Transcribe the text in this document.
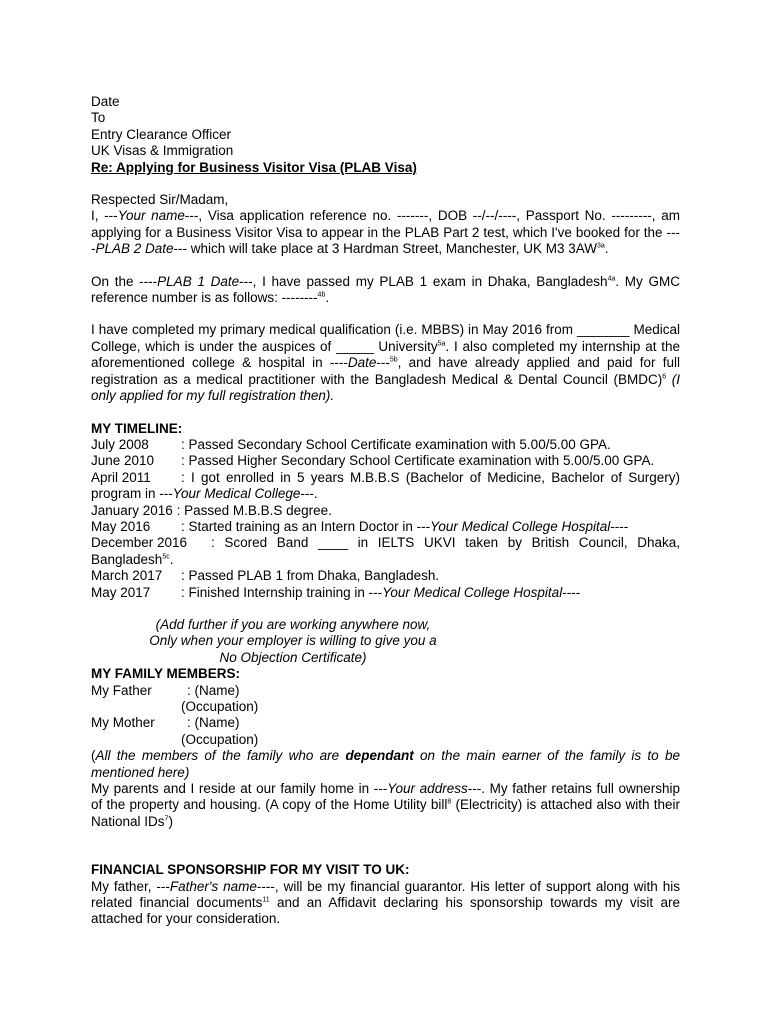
Date
To
Entry Clearance Officer
UK Visas & Immigration
Re: Applying for Business Visitor Visa (PLAB Visa)
Respected Sir/Madam,
I, ---Your name---, Visa application reference no. -------, DOB --/--/----, Passport No. ---------, am applying for a Business Visitor Visa to appear in the PLAB Part 2 test, which I've booked for the ----PLAB 2 Date--- which will take place at 3 Hardman Street, Manchester, UK M3 $3AW^{3a}$.
On the ----PLAB 1 Date---, I have passed my PLAB 1 exam in Dhaka, Bangladesh$^{4a}$. My GMC reference number is as follows: --------$^{4b}$.
I have completed my primary medical qualification (i.e. MBBS) in May 2016 from _______ Medical College, which is under the auspices of _____ University$^{5a}$. I also completed my internship at the aforementioned college & hospital in ----Date---$^{5b}$, and have already applied and paid for full registration as a medical practitioner with the Bangladesh Medical & Dental Council (BMDC)$^6$ (I only applied for my full registration then).
MY TIMELINE:
July 2008	: Passed Secondary School Certificate examination with 5.00/5.00 GPA.
June 2010	: Passed Higher Secondary School Certificate examination with 5.00/5.00 GPA.
April 2011	: I got enrolled in 5 years M.B.B.S (Bachelor of Medicine, Bachelor of Surgery)
program in ---Your Medical College---.
January 2016 : Passed M.B.B.S degree.
May 2016	: Started training as an Intern Doctor in ---Your Medical College Hospital----
December 2016	: Scored Band ____ in IELTS UKVI taken by British Council, Dhaka,
Bangladesh$^{5c}$.
March 2017	: Passed PLAB 1 from Dhaka, Bangladesh.
May 2017	: Finished Internship training in ---Your Medical College Hospital----
(Add further if you are working anywhere now,
Only when your employer is willing to give you a
No Objection Certificate)
MY FAMILY MEMBERS:
My Father	: (Name)
(Occupation)
My Mother	: (Name)
(Occupation)
(All the members of the family who are dependant on the main earner of the family is to be mentioned here)
My parents and I reside at our family home in ---Your address---. My father retains full ownership of the property and housing. (A copy of the Home Utility bill$^8$ (Electricity) is attached also with their National IDs$^7$)
FINANCIAL SPONSORSHIP FOR MY VISIT TO UK:
My father, ---Father's name----, will be my financial guarantor. His letter of support along with his related financial documents$^{11}$ and an Affidavit declaring his sponsorship towards my visit are attached for your consideration.
